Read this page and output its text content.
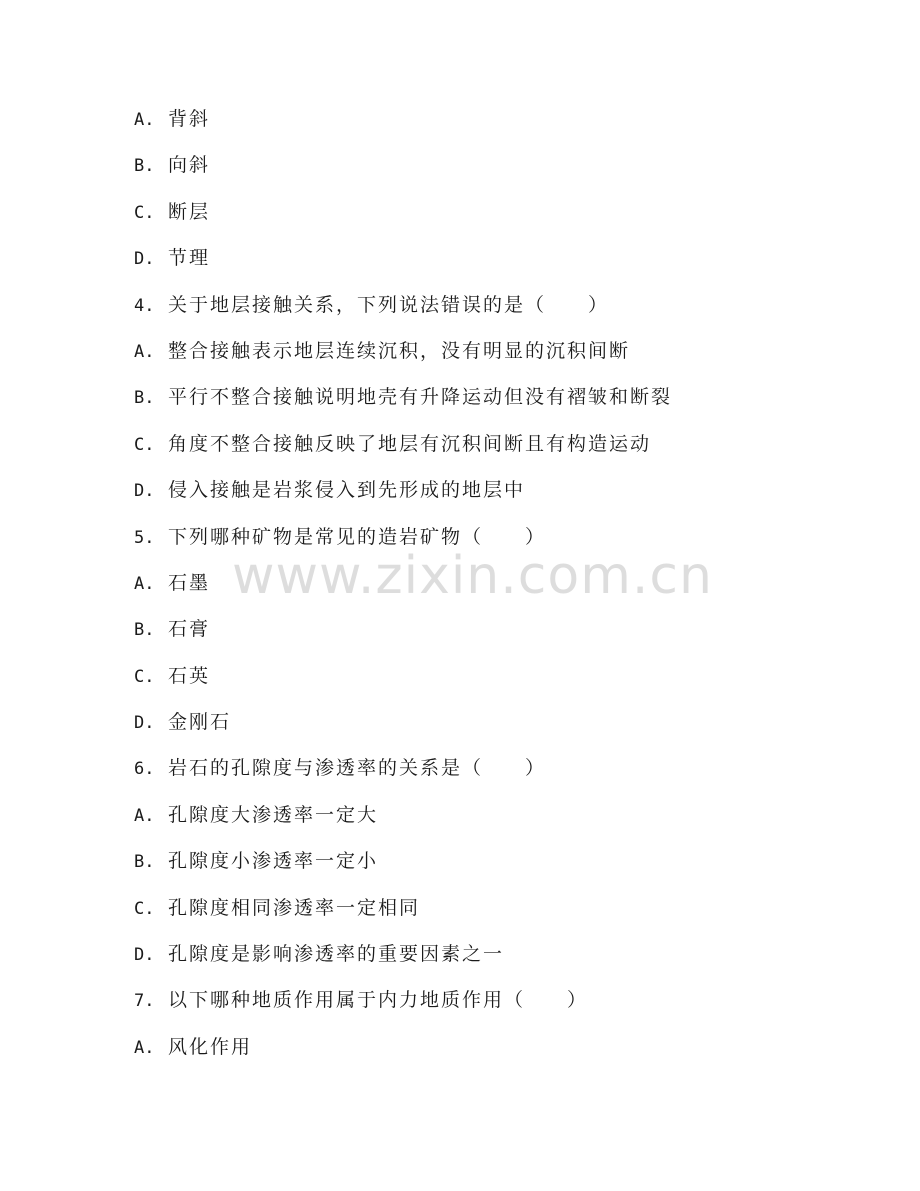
A. 背斜
B. 向斜
C. 断层
D. 节理
4. 关于地层接触关系，下列说法错误的是（　　）
A. 整合接触表示地层连续沉积，没有明显的沉积间断
B. 平行不整合接触说明地壳有升降运动但没有褶皱和断裂
C. 角度不整合接触反映了地层有沉积间断且有构造运动
D. 侵入接触是岩浆侵入到先形成的地层中
5. 下列哪种矿物是常见的造岩矿物（　　）
A. 石墨
B. 石膏
C. 石英
D. 金刚石
6. 岩石的孔隙度与渗透率的关系是（　　）
A. 孔隙度大渗透率一定大
B. 孔隙度小渗透率一定小
C. 孔隙度相同渗透率一定相同
D. 孔隙度是影响渗透率的重要因素之一
7. 以下哪种地质作用属于内力地质作用（　　）
A. 风化作用
www.zixin.com.cn
